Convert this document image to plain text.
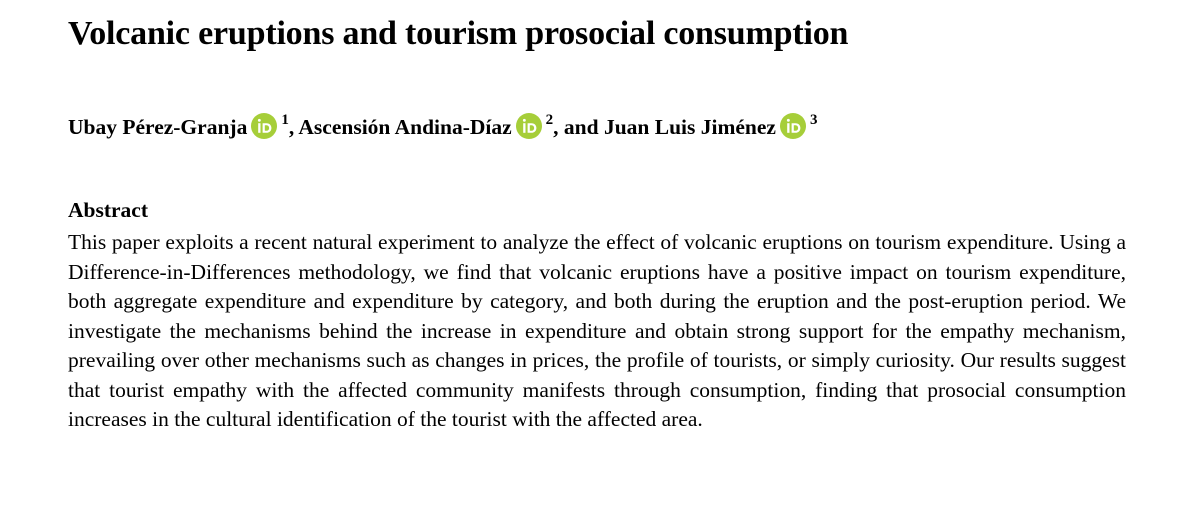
Volcanic eruptions and tourism prosocial consumption
Ubay Pérez-Granja $^1$, Ascensión Andina-Díaz $^2$, and Juan Luis Jiménez $^3$
Abstract

This paper exploits a recent natural experiment to analyze the effect of volcanic eruptions on tourism expenditure. Using a Difference-in-Differences methodology, we find that volcanic eruptions have a positive impact on tourism expenditure, both aggregate expenditure and expenditure by category, and both during the eruption and the post-eruption period. We investigate the mechanisms behind the increase in expenditure and obtain strong support for the empathy mechanism, prevailing over other mechanisms such as changes in prices, the profile of tourists, or simply curiosity. Our results suggest that tourist empathy with the affected community manifests through consumption, finding that prosocial consumption increases in the cultural identification of the tourist with the affected area.
